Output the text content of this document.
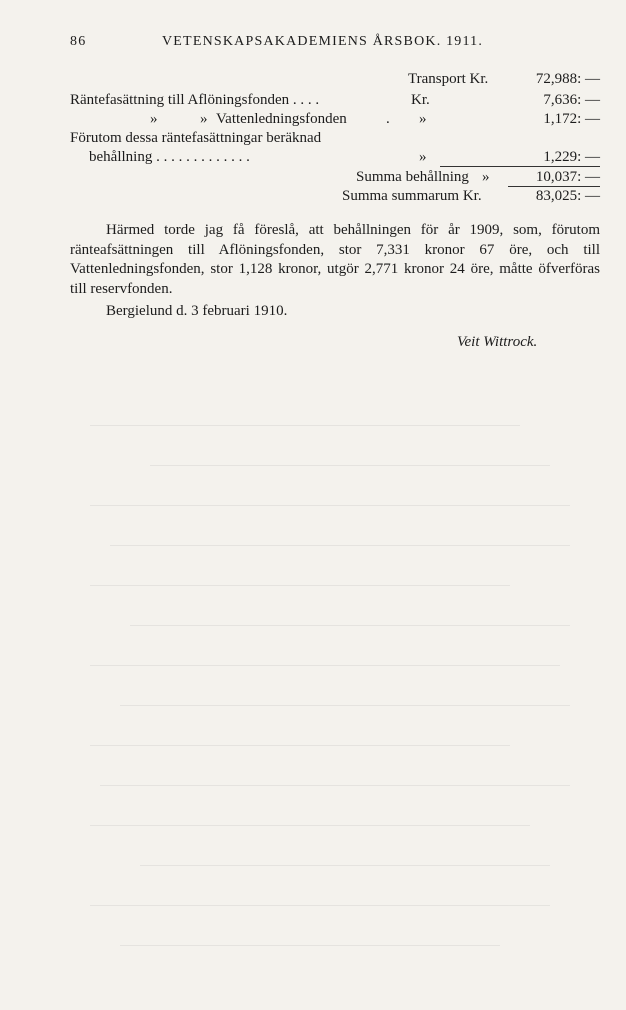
86	VETENSKAPSAKADEMIENS ÅRSBOK. 1911.
Transport Kr.	72,988: —
Räntefasättning till Aflöningsfonden . . . .	Kr.	7,636: —
»	» Vattenledningsfonden	. »	1,172: —
Förutom dessa räntefasättningar beräknad
behållning . . . . . . . . . . . . .	»	1,229: —
Summa behållning »	10,037: —
Summa summarum Kr.	83,025: —

Härmed torde jag få föreslå, att behållningen för år 1909, som, förutom ränteafsättningen till Aflöningsfonden, stor 7,331 kronor 67 öre, och till Vattenledningsfonden, stor 1,128 kronor, utgör 2,771 kronor 24 öre, måtte öfverföras till reservfonden.

Bergielund d. 3 februari 1910.
Veit Wittrock.
